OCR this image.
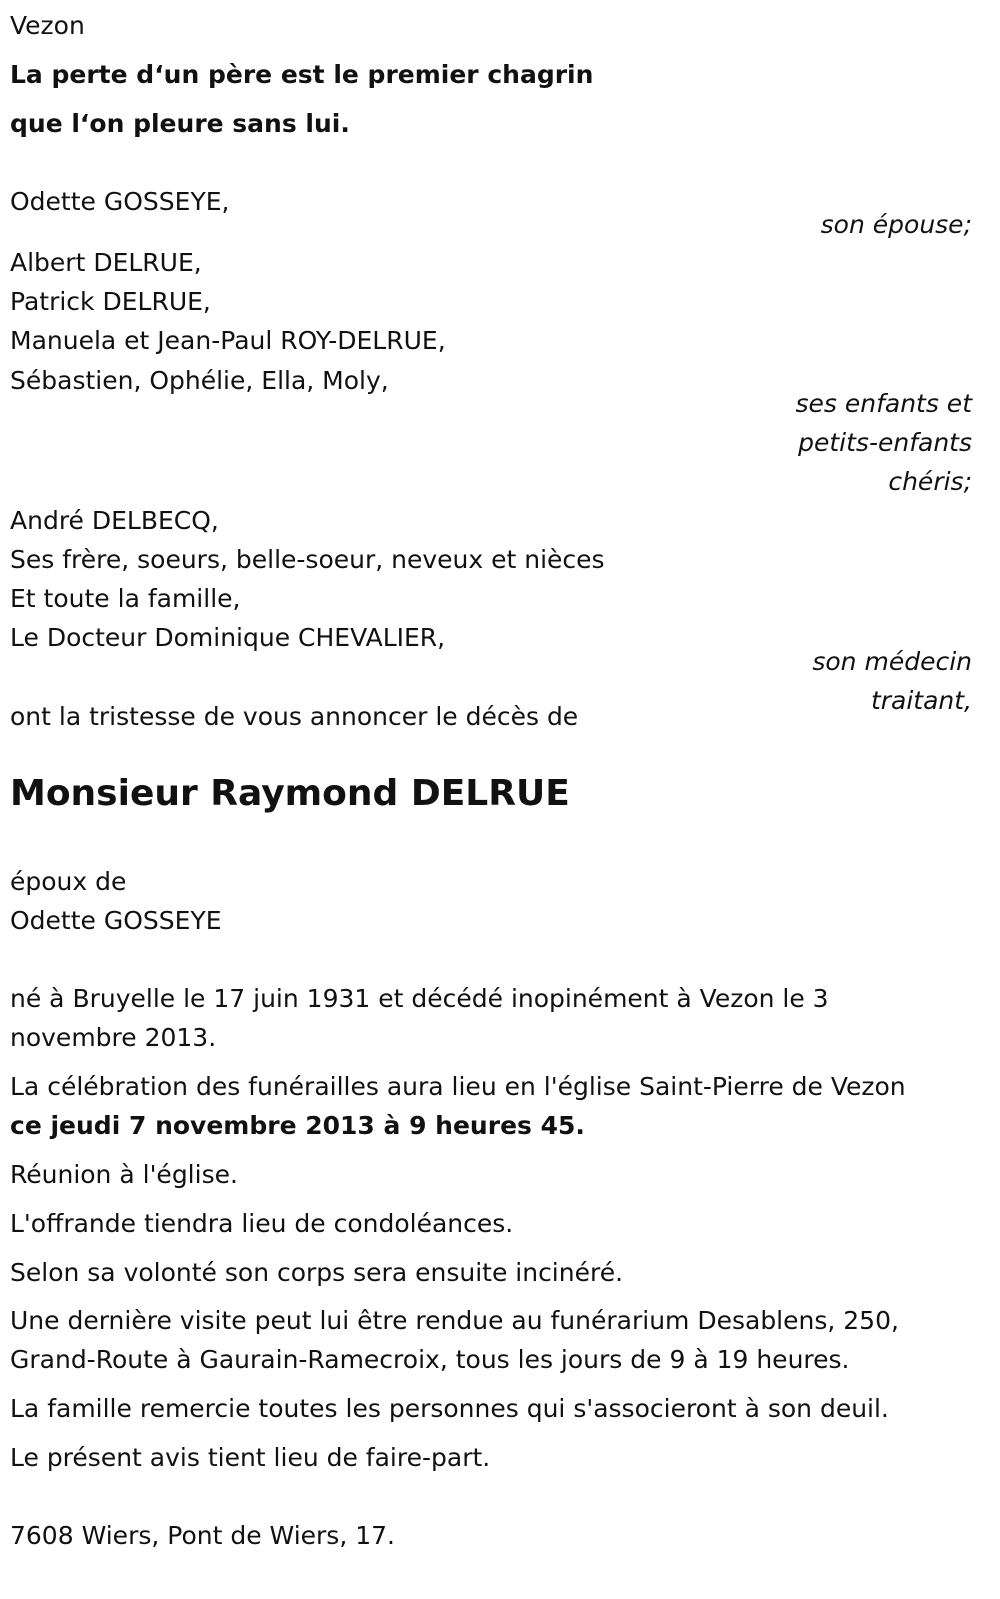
Vezon
La perte d‘un père est le premier chagrin
que l‘on pleure sans lui.
Odette GOSSEYE,
son épouse;
Albert DELRUE,
Patrick DELRUE,
Manuela et Jean-Paul ROY-DELRUE,
Sébastien, Ophélie, Ella, Moly,
ses enfants et
petits-enfants
chéris;
André DELBECQ,
Ses frère, soeurs, belle-soeur, neveux et nièces
Et toute la famille,
Le Docteur Dominique CHEVALIER,
son médecin
traitant,
ont la tristesse de vous annoncer le décès de
Monsieur Raymond DELRUE
époux de
Odette GOSSEYE
né à Bruyelle le 17 juin 1931 et décédé inopinément à Vezon le 3
novembre 2013.
La célébration des funérailles aura lieu en l'église Saint-Pierre de Vezon
ce jeudi 7 novembre 2013 à 9 heures 45.
Réunion à l'église.
L'offrande tiendra lieu de condoléances.
Selon sa volonté son corps sera ensuite incinéré.
Une dernière visite peut lui être rendue au funérarium Desablens, 250,
Grand-Route à Gaurain-Ramecroix, tous les jours de 9 à 19 heures.
La famille remercie toutes les personnes qui s'associeront à son deuil.
Le présent avis tient lieu de faire-part.
7608 Wiers, Pont de Wiers, 17.
